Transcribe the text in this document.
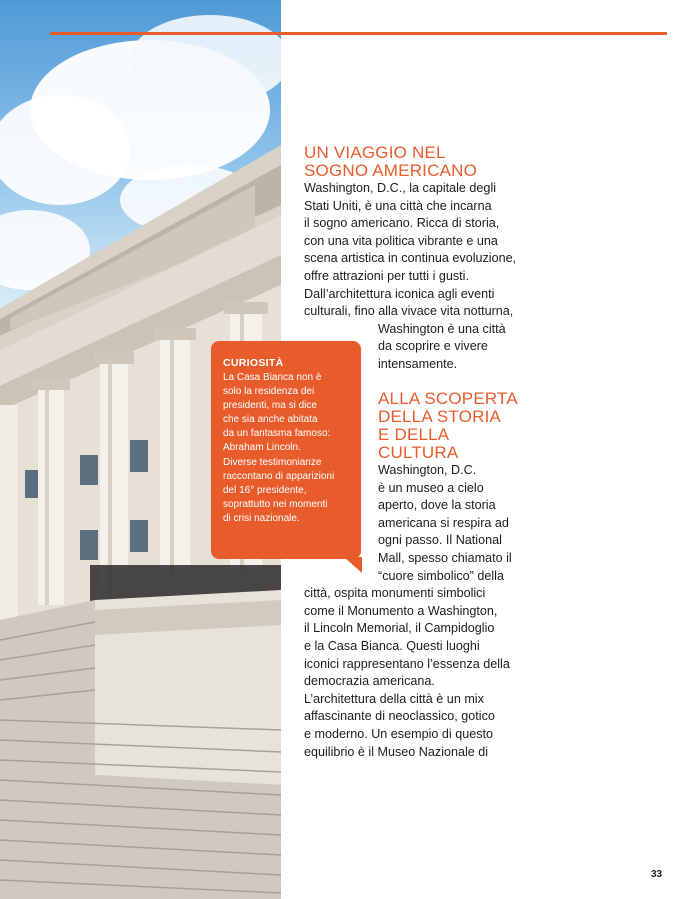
UN VIAGGIO NEL
SOGNO AMERICANO
Washington, D.C., la capitale degli
Stati Uniti, è una città che incarna
il sogno americano. Ricca di storia,
con una vita politica vibrante e una
scena artistica in continua evoluzione,
offre attrazioni per tutti i gusti.
Dall’architettura iconica agli eventi
culturali, fino alla vivace vita notturna,
Washington è una città
da scoprire e vivere
intensamente.
ALLA SCOPERTA
DELLA STORIA
E DELLA
CULTURA
Washington, D.C.
è un museo a cielo
aperto, dove la storia
americana si respira ad
ogni passo. Il National
Mall, spesso chiamato il
“cuore simbolico” della
città, ospita monumenti simbolici
come il Monumento a Washington,
il Lincoln Memorial, il Campidoglio
e la Casa Bianca. Questi luoghi
iconici rappresentano l’essenza della
democrazia americana.
L’architettura della città è un mix
affascinante di neoclassico, gotico
e moderno. Un esempio di questo
equilibrio è il Museo Nazionale di
CURIOSITÀ
La Casa Bianca non è
solo la residenza dei
presidenti, ma si dice
che sia anche abitata
da un fantasma famoso:
Abraham Lincoln.
Diverse testimonianze
raccontano di apparizioni
del 16° presidente,
soprattutto nei momenti
di crisi nazionale.
33
